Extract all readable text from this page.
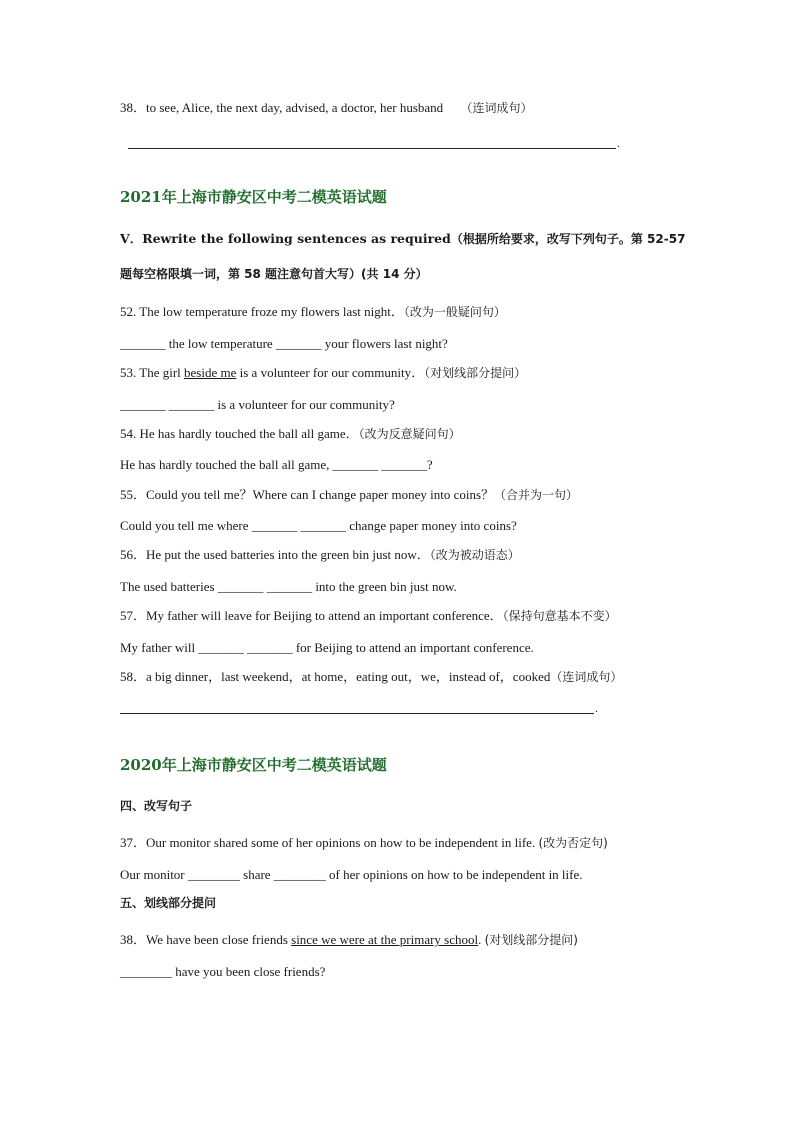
38．to see, Alice, the next day, advised, a doctor, her husband （连词成句）
.
2021年上海市静安区中考二模英语试题
V．Rewrite the following sentences as required（根据所给要求，改写下列句子。第 52-57
题每空格限填一词，第 58 题注意句首大写）(共 14 分）
52. The low temperature froze my flowers last night．（改为一般疑问句）
_______ the low temperature _______ your flowers last night?
53. The girl beside me is a volunteer for our community．（对划线部分提问）
_______ _______ is a volunteer for our community?
54. He has hardly touched the ball all game．（改为反意疑问句）
He has hardly touched the ball all game, _______ _______?
55．Could you tell me？Where can I change paper money into coins？（合并为一句）
Could you tell me where _______ _______ change paper money into coins?
56．He put the used batteries into the green bin just now．（改为被动语态）
The used batteries _______ _______ into the green bin just now.
57．My father will leave for Beijing to attend an important conference．（保持句意基本不变）
My father will _______ _______ for Beijing to attend an important conference.
58．a big dinner，last weekend，at home，eating out，we，instead of，cooked（连词成句）
.
2020年上海市静安区中考二模英语试题
四、改写句子
37．Our monitor shared some of her opinions on how to be independent in life. (改为否定句)
Our monitor ________ share ________ of her opinions on how to be independent in life.
五、划线部分提问
38．We have been close friends since we were at the primary school. (对划线部分提问)
________ have you been close friends?
